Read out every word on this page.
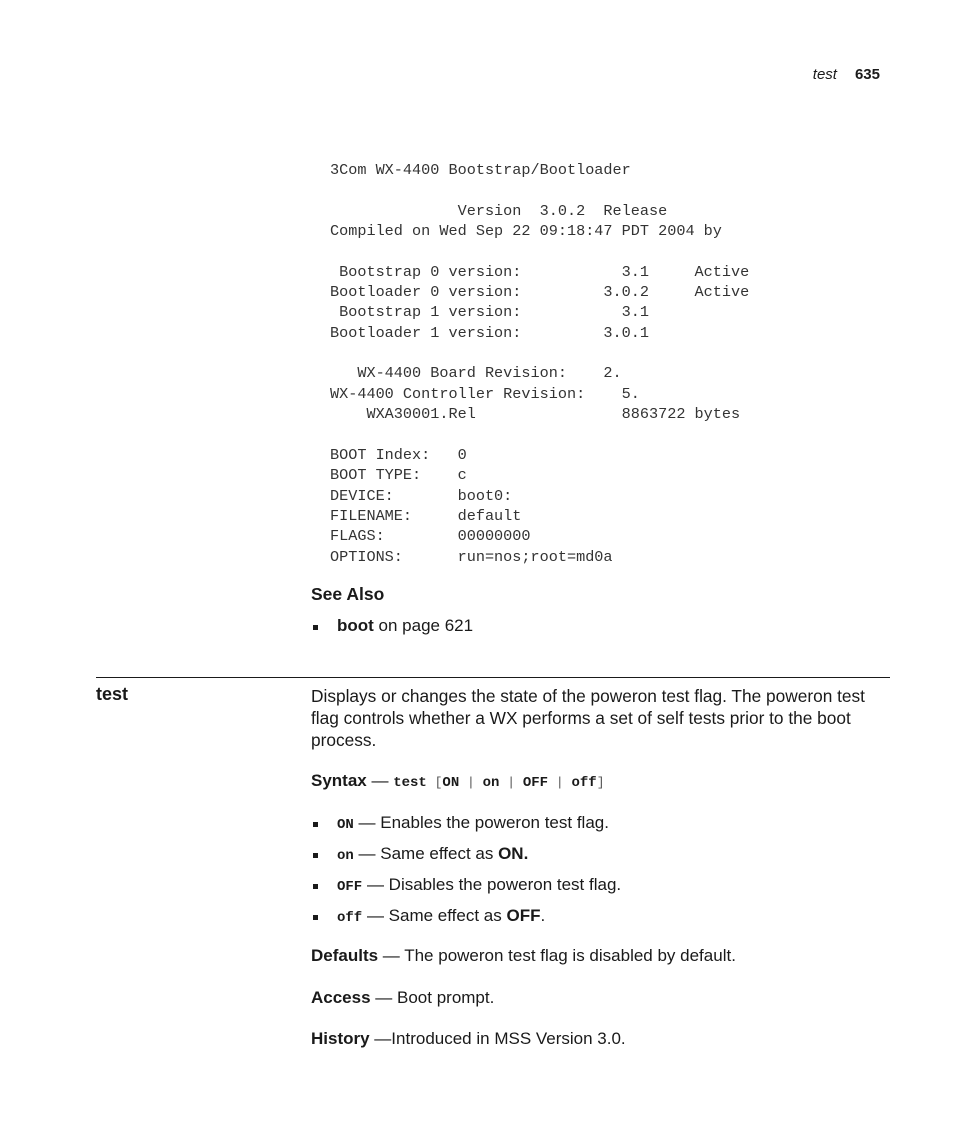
test 635
3Com WX-4400 Bootstrap/Bootloader

Version  3.0.2  Release
Compiled on Wed Sep 22 09:18:47 PDT 2004 by

Bootstrap 0 version:           3.1     Active
Bootloader 0 version:         3.0.2     Active
Bootstrap 1 version:           3.1
Bootloader 1 version:         3.0.1

WX-4400 Board Revision:    2.
WX-4400 Controller Revision:    5.
WXA30001.Rel                8863722 bytes

BOOT Index:   0
BOOT TYPE:    c
DEVICE:       boot0:
FILENAME:     default
FLAGS:        00000000
OPTIONS:      run=nos;root=md0a
See Also
boot on page 621
test	Displays or changes the state of the poweron test flag. The poweron test flag controls whether a WX performs a set of self tests prior to the boot process.
Syntax — test [ON | on | OFF | off]
ON — Enables the poweron test flag.
on — Same effect as ON.
OFF — Disables the poweron test flag.
off — Same effect as OFF.
Defaults — The poweron test flag is disabled by default.
Access — Boot prompt.
History —Introduced in MSS Version 3.0.
